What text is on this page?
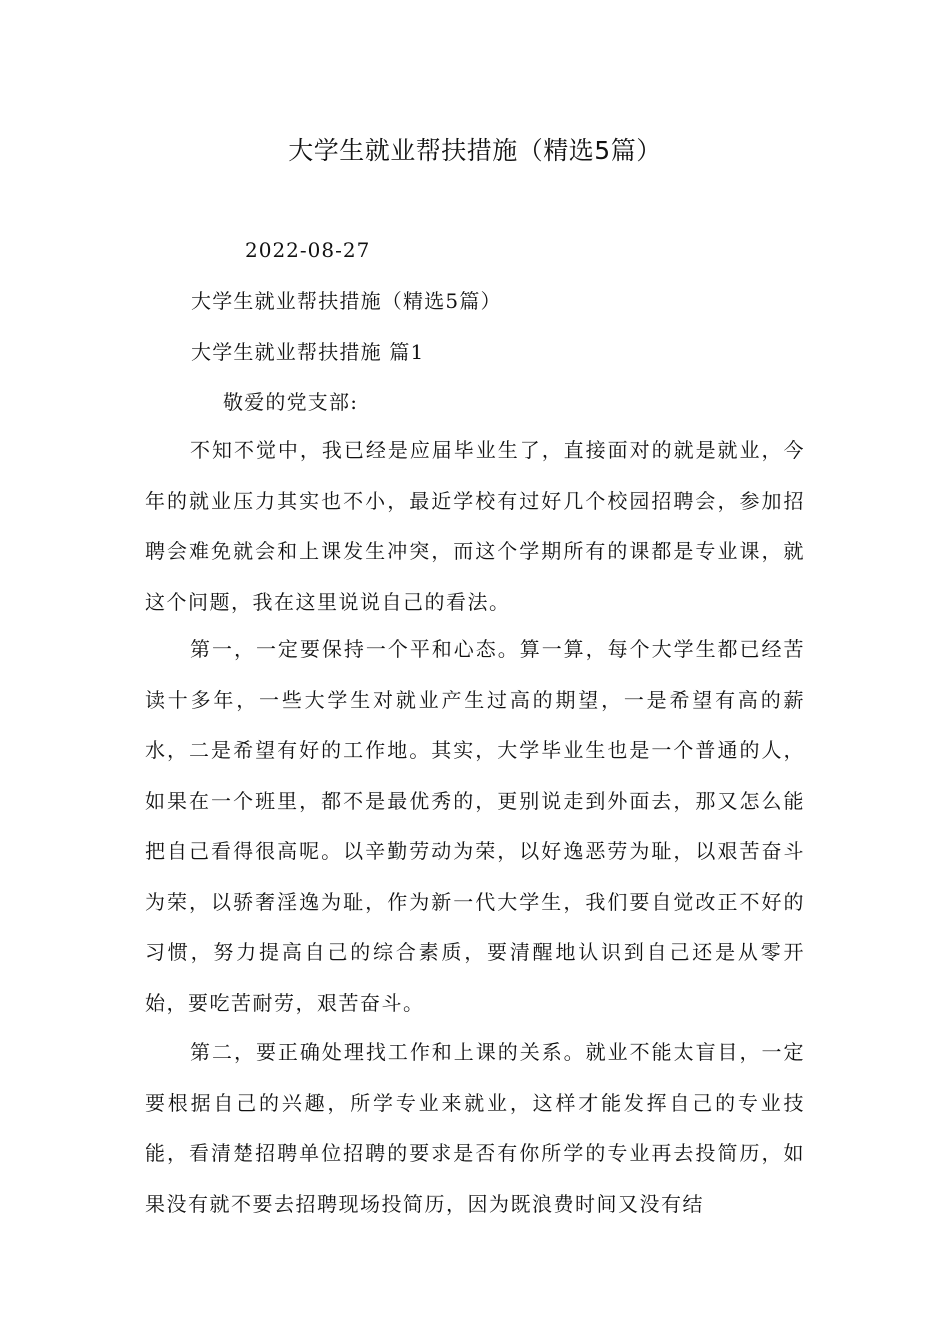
大学生就业帮扶措施（精选5篇）
2022-08-27
大学生就业帮扶措施（精选5篇）
大学生就业帮扶措施 篇1
敬爱的党支部:

不知不觉中，我已经是应届毕业生了，直接面对的就是就业，今年的就业压力其实也不小，最近学校有过好几个校园招聘会，参加招聘会难免就会和上课发生冲突，而这个学期所有的课都是专业课，就这个问题，我在这里说说自己的看法。

第一，一定要保持一个平和心态。算一算，每个大学生都已经苦读十多年，一些大学生对就业产生过高的期望，一是希望有高的薪水，二是希望有好的工作地。其实，大学毕业生也是一个普通的人，如果在一个班里，都不是最优秀的，更别说走到外面去，那又怎么能把自己看得很高呢。以辛勤劳动为荣，以好逸恶劳为耻，以艰苦奋斗为荣，以骄奢淫逸为耻，作为新一代大学生，我们要自觉改正不好的习惯，努力提高自己的综合素质，要清醒地认识到自己还是从零开始，要吃苦耐劳，艰苦奋斗。

第二，要正确处理找工作和上课的关系。就业不能太盲目，一定要根据自己的兴趣，所学专业来就业，这样才能发挥自己的专业技能，看清楚招聘单位招聘的要求是否有你所学的专业再去投简历，如果没有就不要去招聘现场投简历，因为既浪费时间又没有结
